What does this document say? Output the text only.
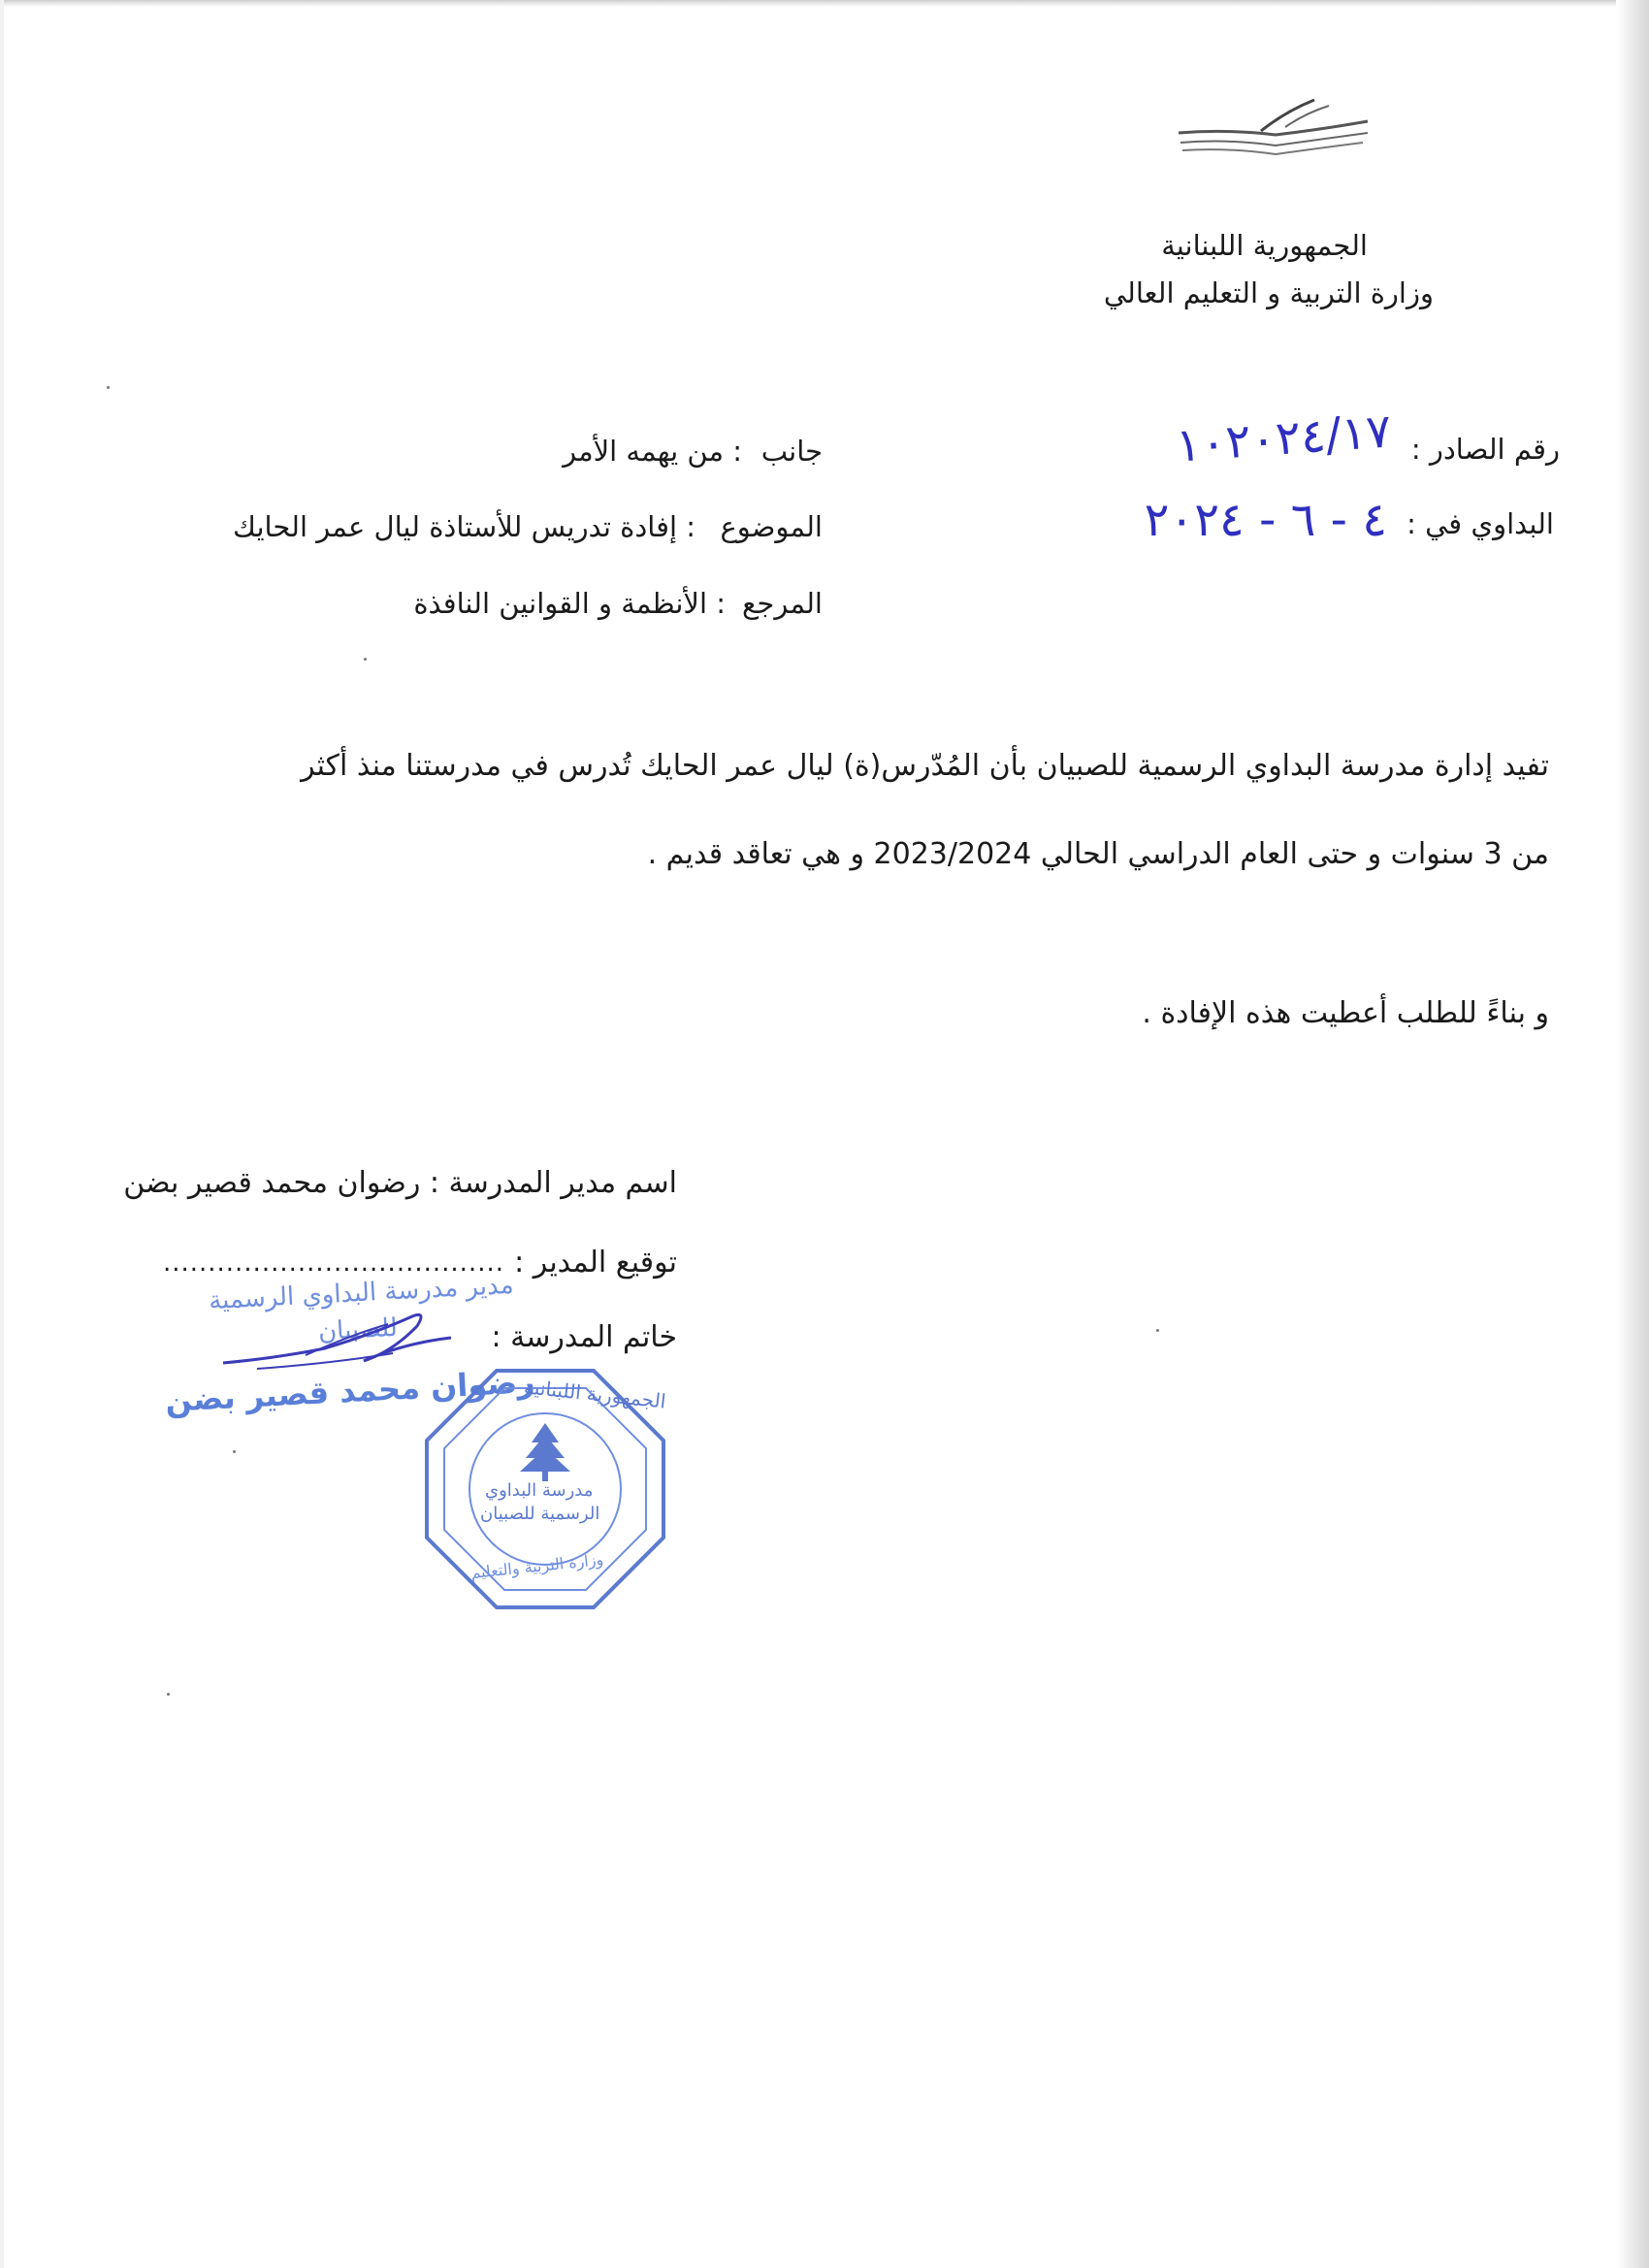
الجمهورية اللبنانية
وزارة التربية و التعليم العالي
رقم الصادر :
١٠٢٠٢٤/١٧
البداوي في :
٤ - ٦ - ٢٠٢٤
جانب
: من يهمه الأمر
الموضوع
: إفادة تدريس للأستاذة ليال عمر الحايك
المرجع
: الأنظمة و القوانين النافذة
تفيد إدارة مدرسة البداوي الرسمية للصبيان بأن المُدّرس(ة) ليال عمر الحايك تُدرس في مدرستنا منذ أكثر
من 3 سنوات و حتى العام الدراسي الحالي 2023/2024 و هي تعاقد قديم .
و بناءً للطلب أعطيت هذه الإفادة .
اسم مدير المدرسة : رضوان محمد قصير بضن
توقيع المدير :
......................................
خاتم المدرسة :
مدير مدرسة البداوي الرسمية
للصبيان
رضوان محمد قصير بضن
الجمهورية اللبنانية
مدرسة البداوي
الرسمية للصبيان
وزارة التربية والتعليم
